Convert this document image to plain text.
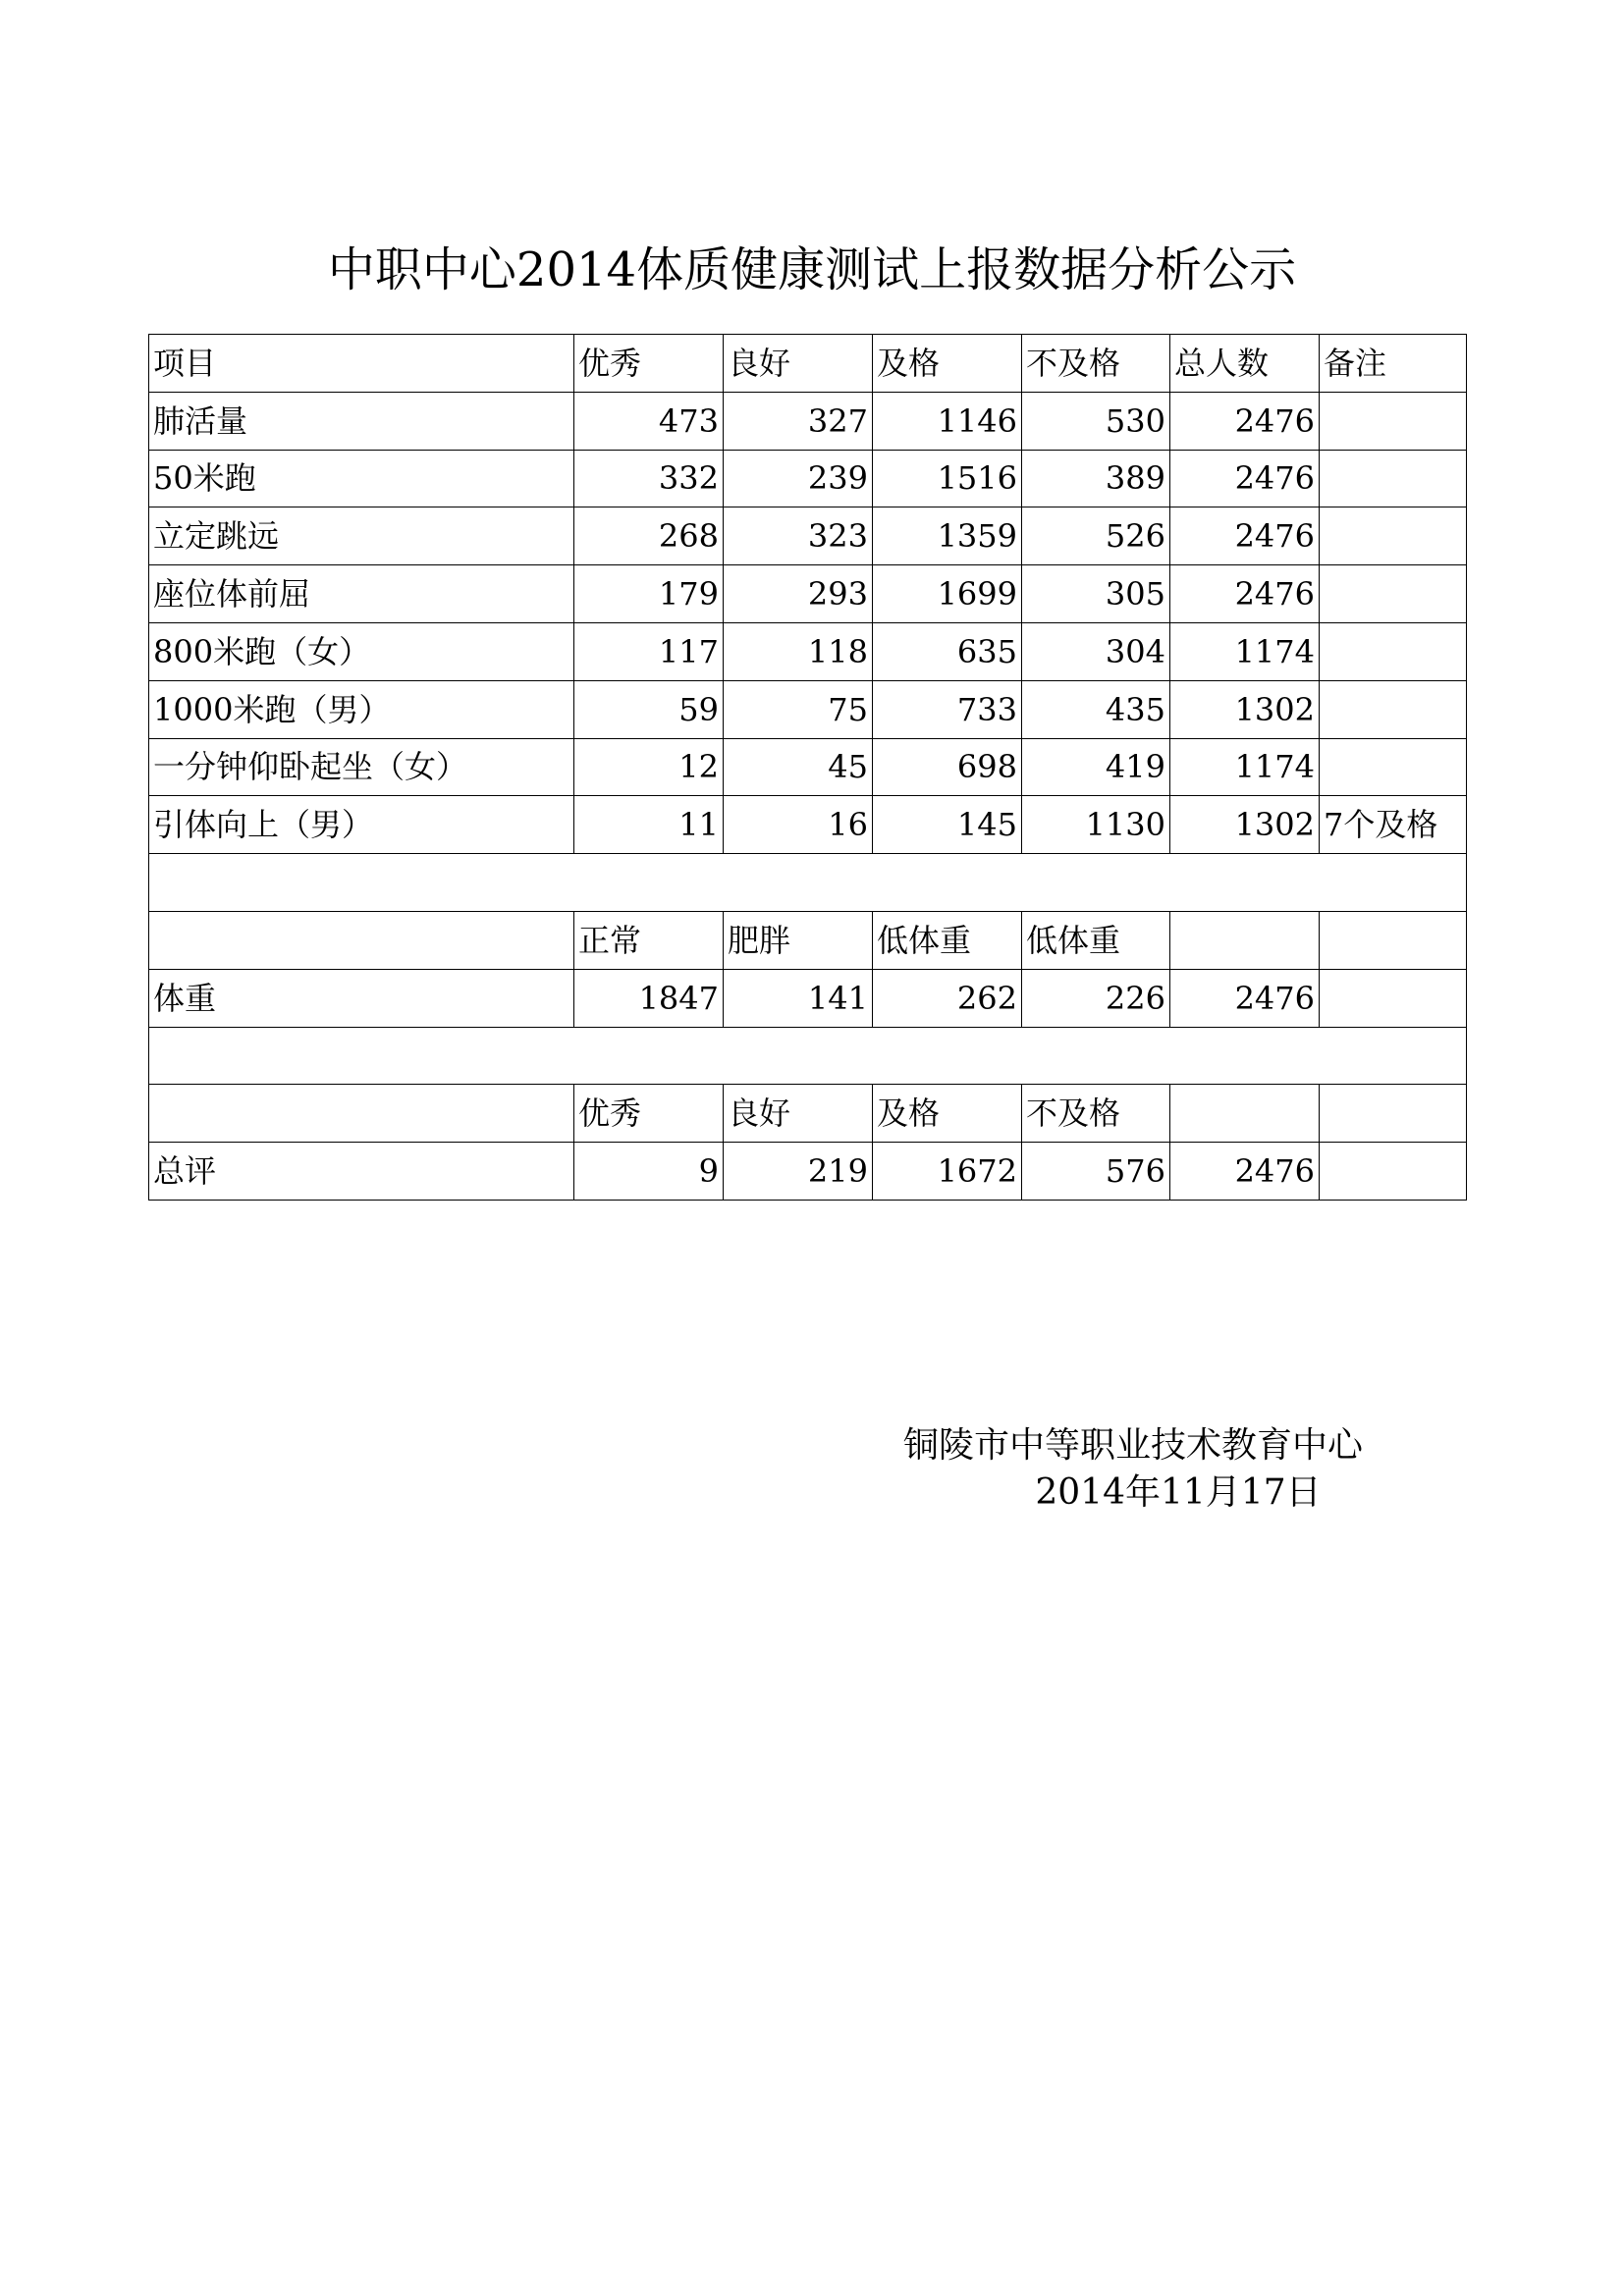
中职中心2014体质健康测试上报数据分析公示
项目	优秀	良好	及格	不及格	总人数	备注
肺活量	473	327	1146	530	2476	
50米跑	332	239	1516	389	2476	
立定跳远	268	323	1359	526	2476	
座位体前屈	179	293	1699	305	2476	
800米跑（女）	117	118	635	304	1174	
1000米跑（男）	59	75	733	435	1302	
一分钟仰卧起坐（女）	12	45	698	419	1174	
引体向上（男）	11	16	145	1130	1302	7个及格

	正常	肥胖	低体重	低体重		
体重	1847	141	262	226	2476	

	优秀	良好	及格	不及格		
总评	9	219	1672	576	2476	
铜陵市中等职业技术教育中心
2014年11月17日
